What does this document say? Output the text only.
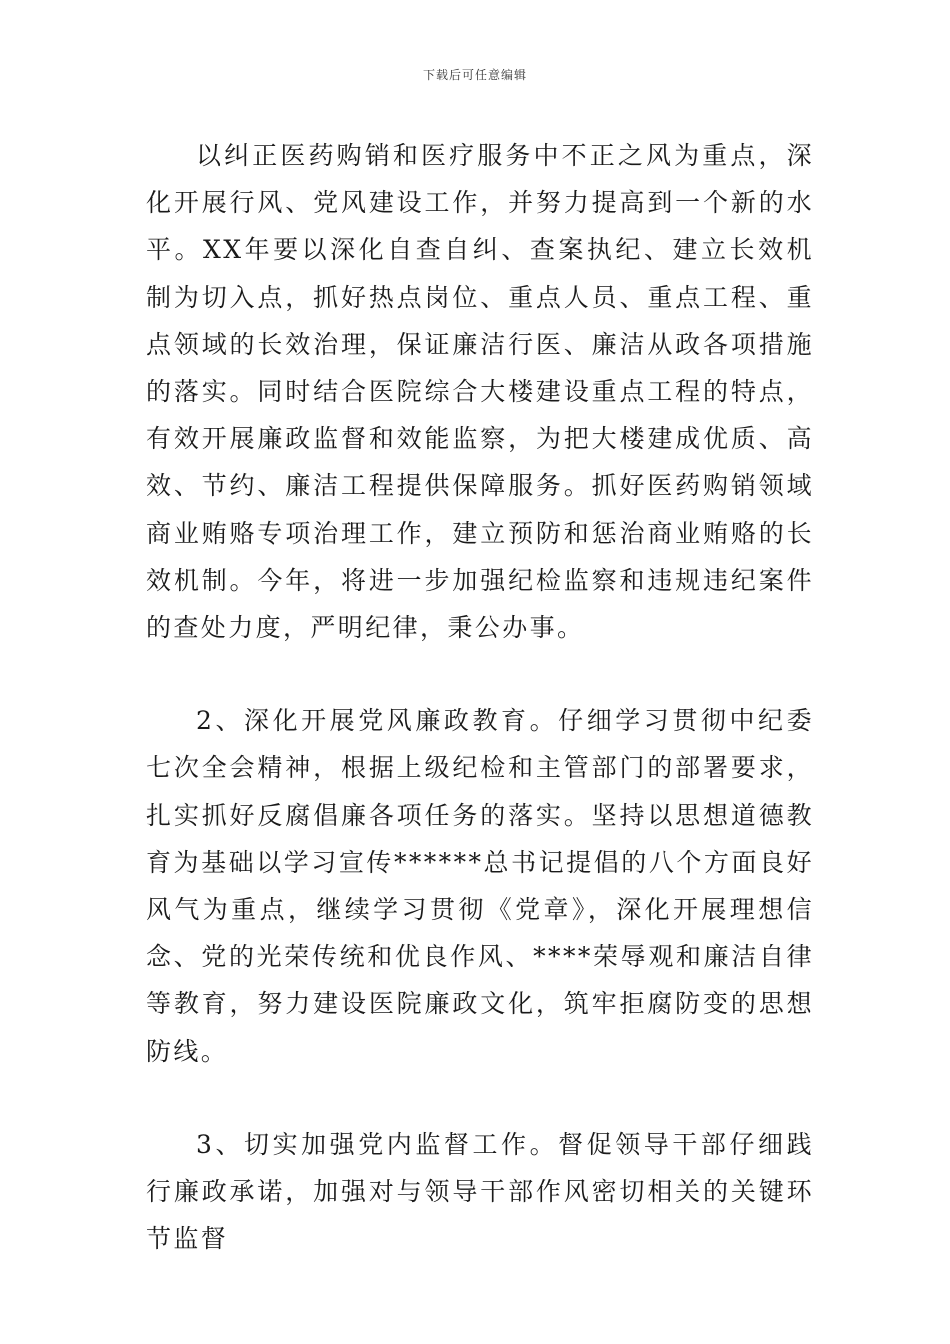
下载后可任意编辑

以纠正医药购销和医疗服务中不正之风为重点，深化开展行风、党风建设工作，并努力提高到一个新的水平。XX年要以深化自查自纠、查案执纪、建立长效机制为切入点，抓好热点岗位、重点人员、重点工程、重点领域的长效治理，保证廉洁行医、廉洁从政各项措施的落实。同时结合医院综合大楼建设重点工程的特点，有效开展廉政监督和效能监察，为把大楼建成优质、高效、节约、廉洁工程提供保障服务。抓好医药购销领域商业贿赂专项治理工作，建立预防和惩治商业贿赂的长效机制。今年，将进一步加强纪检监察和违规违纪案件的查处力度，严明纪律，秉公办事。

2、深化开展党风廉政教育。仔细学习贯彻中纪委七次全会精神，根据上级纪检和主管部门的部署要求，扎实抓好反腐倡廉各项任务的落实。坚持以思想道德教育为基础以学习宣传******总书记提倡的八个方面良好风气为重点，继续学习贯彻《党章》，深化开展理想信念、党的光荣传统和优良作风、****荣辱观和廉洁自律等教育，努力建设医院廉政文化，筑牢拒腐防变的思想防线。

3、切实加强党内监督工作。督促领导干部仔细践行廉政承诺，加强对与领导干部作风密切相关的关键环节监督
